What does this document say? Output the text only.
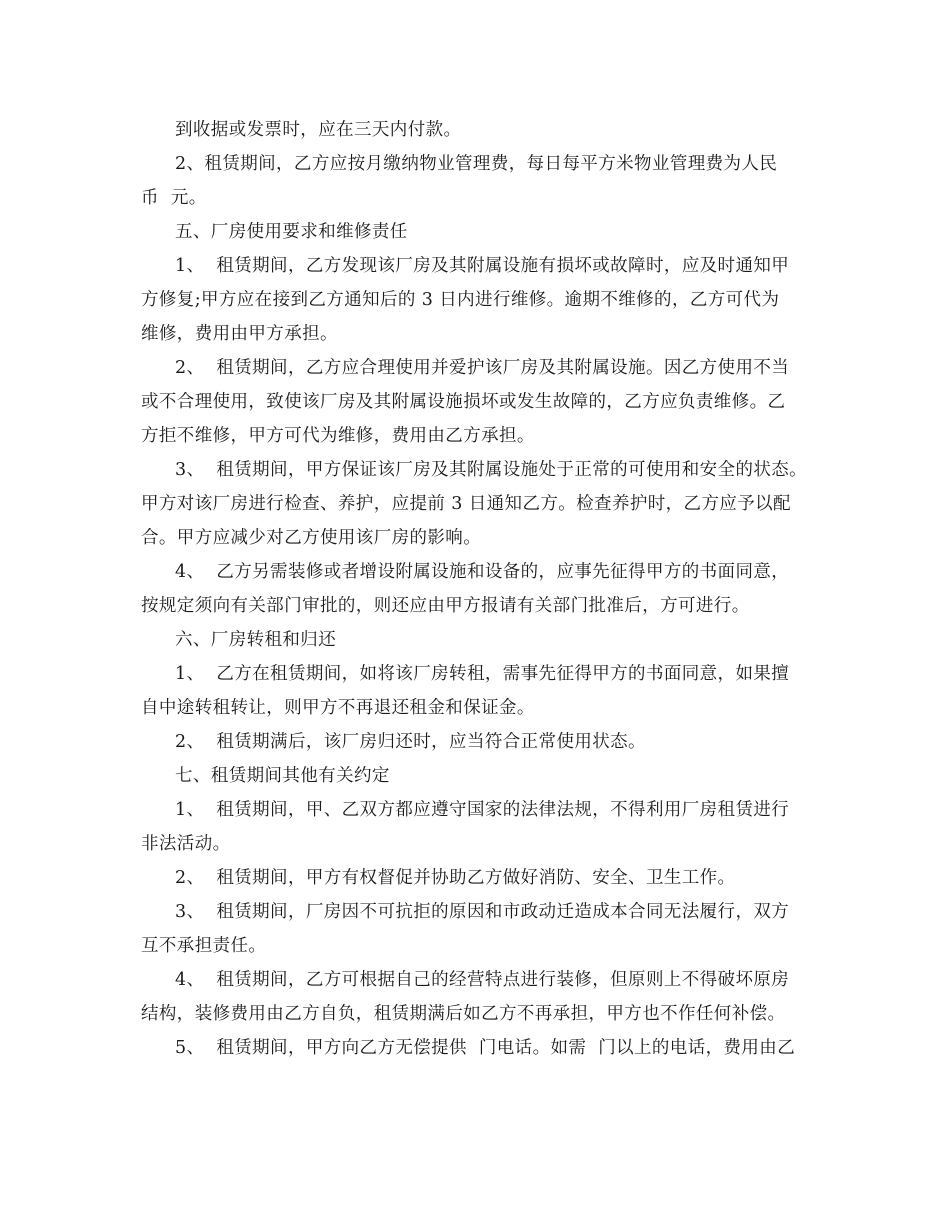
到收据或发票时，应在三天内付款。
2、租赁期间，乙方应按月缴纳物业管理费，每日每平方米物业管理费为人民
币  元。
五、厂房使用要求和维修责任
1、  租赁期间，乙方发现该厂房及其附属设施有损坏或故障时，应及时通知甲
方修复;甲方应在接到乙方通知后的 3 日内进行维修。逾期不维修的，乙方可代为
维修，费用由甲方承担。
2、  租赁期间，乙方应合理使用并爱护该厂房及其附属设施。因乙方使用不当
或不合理使用，致使该厂房及其附属设施损坏或发生故障的，乙方应负责维修。乙
方拒不维修，甲方可代为维修，费用由乙方承担。
3、  租赁期间，甲方保证该厂房及其附属设施处于正常的可使用和安全的状态。
甲方对该厂房进行检查、养护，应提前 3 日通知乙方。检查养护时，乙方应予以配
合。甲方应减少对乙方使用该厂房的影响。
4、  乙方另需装修或者增设附属设施和设备的，应事先征得甲方的书面同意，
按规定须向有关部门审批的，则还应由甲方报请有关部门批准后，方可进行。
六、厂房转租和归还
1、  乙方在租赁期间，如将该厂房转租，需事先征得甲方的书面同意，如果擅
自中途转租转让，则甲方不再退还租金和保证金。
2、  租赁期满后，该厂房归还时，应当符合正常使用状态。
七、租赁期间其他有关约定
1、  租赁期间，甲、乙双方都应遵守国家的法律法规，不得利用厂房租赁进行
非法活动。
2、  租赁期间，甲方有权督促并协助乙方做好消防、安全、卫生工作。
3、  租赁期间，厂房因不可抗拒的原因和市政动迁造成本合同无法履行，双方
互不承担责任。
4、  租赁期间，乙方可根据自己的经营特点进行装修，但原则上不得破坏原房
结构，装修费用由乙方自负，租赁期满后如乙方不再承担，甲方也不作任何补偿。
5、  租赁期间，甲方向乙方无偿提供  门电话。如需  门以上的电话，费用由乙
